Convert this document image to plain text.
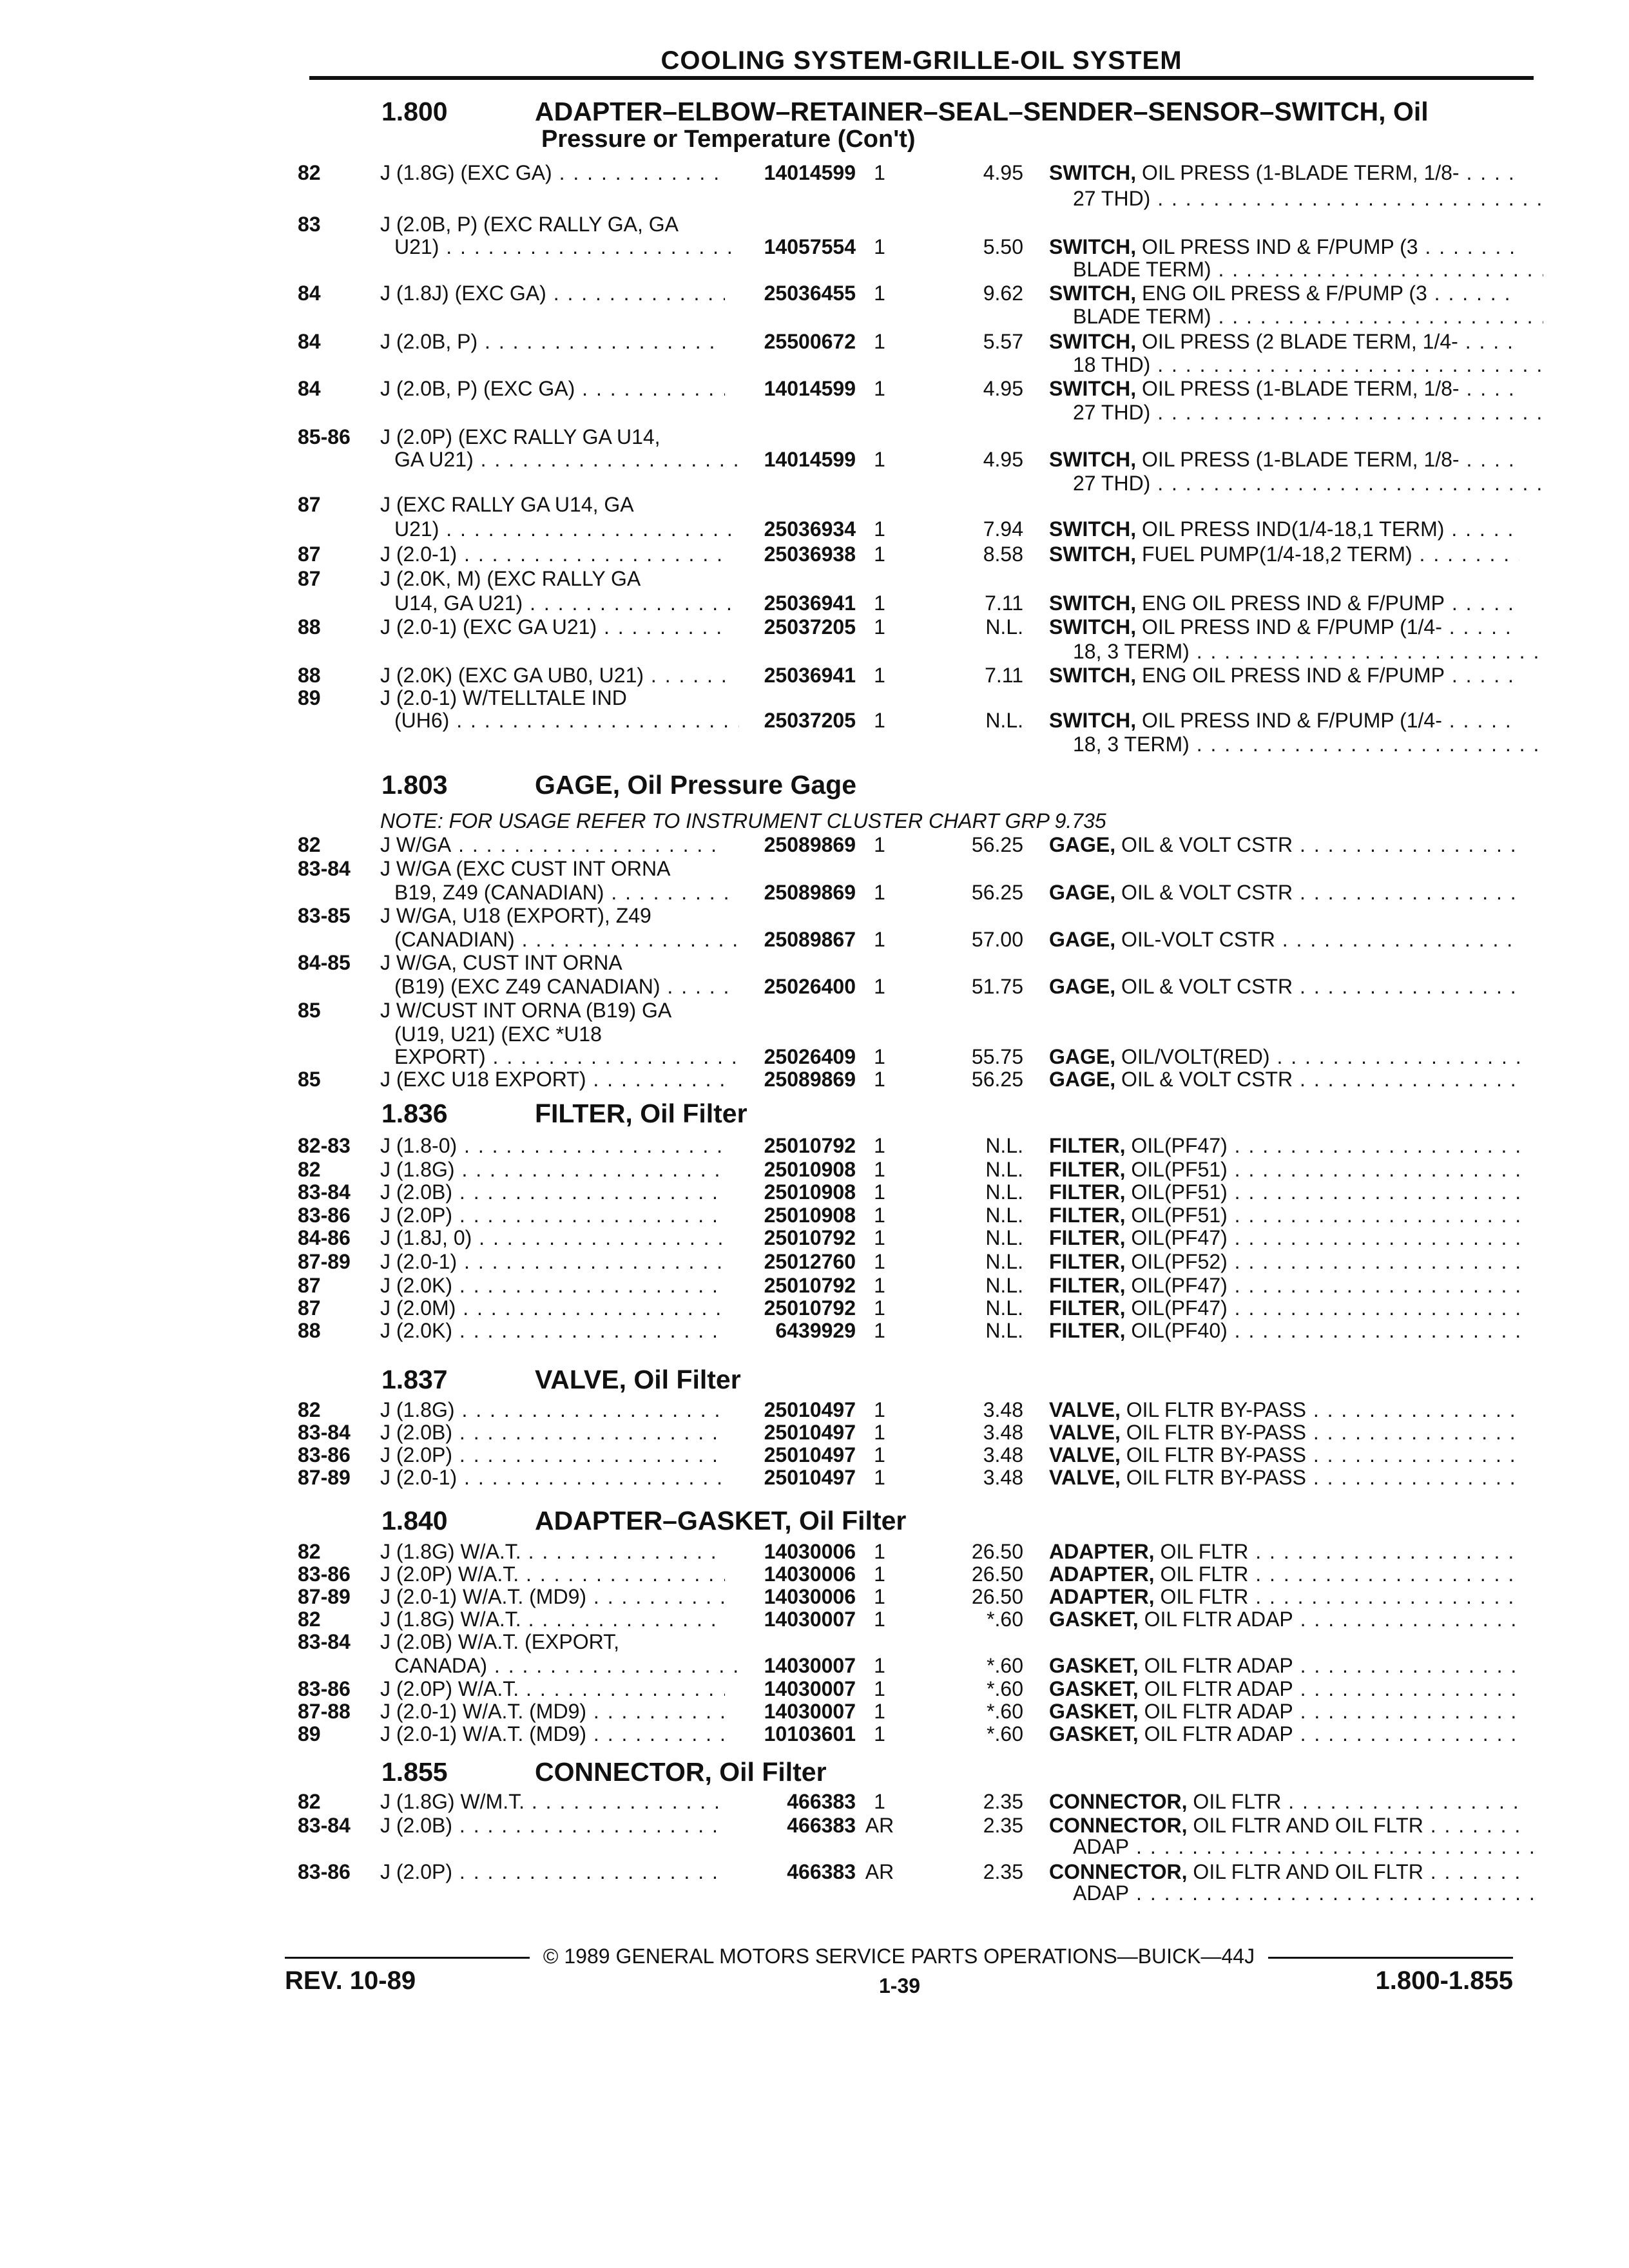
COOLING SYSTEM-GRILLE-OIL SYSTEM
1.800	ADAPTER–ELBOW–RETAINER–SEAL–SENDER–SENSOR–SWITCH, Oil
Pressure or Temperature (Con't)
1.803	GAGE, Oil Pressure Gage
NOTE: FOR USAGE REFER TO INSTRUMENT CLUSTER CHART GRP 9.735
1.836	FILTER, Oil Filter
1.837	VALVE, Oil Filter
1.840	ADAPTER–GASKET, Oil Filter
1.855	CONNECTOR, Oil Filter
82	J (1.8G) (EXC GA) . . .	14014599 1	4.95 SWITCH, OIL PRESS (1-BLADE TERM, 1/8- . . .
27 THD) . . .
83	J (2.0B, P) (EXC RALLY GA, GA
U21) . . .	14057554 1	5.50 SWITCH, OIL PRESS IND & F/PUMP (3 . . .
BLADE TERM) . . .
84	J (1.8J) (EXC GA) . . .	25036455 1	9.62 SWITCH, ENG OIL PRESS & F/PUMP (3 . . .
BLADE TERM) . . .
84	J (2.0B, P) . . .	25500672 1	5.57 SWITCH, OIL PRESS (2 BLADE TERM, 1/4- . . .
18 THD) . . .
84	J (2.0B, P) (EXC GA) . . .	14014599 1	4.95 SWITCH, OIL PRESS (1-BLADE TERM, 1/8- . . .
27 THD) . . .
85-86 J (2.0P) (EXC RALLY GA U14,
GA U21) . . .	14014599 1	4.95 SWITCH, OIL PRESS (1-BLADE TERM, 1/8- . . .
27 THD) . . .
87	J (EXC RALLY GA U14, GA
U21) . . .	25036934 1	7.94 SWITCH, OIL PRESS IND(1/4-18,1 TERM) . . .
87	J (2.0-1) . . .	25036938 1	8.58 SWITCH, FUEL PUMP(1/4-18,2 TERM) . . .
87	J (2.0K, M) (EXC RALLY GA
U14, GA U21) . . .	25036941 1	7.11 SWITCH, ENG OIL PRESS IND & F/PUMP . . .
88	J (2.0-1) (EXC GA U21) . . .	25037205 1	N.L. SWITCH, OIL PRESS IND & F/PUMP (1/4- . . .
18, 3 TERM) . . .
88	J (2.0K) (EXC GA UB0, U21) . . .	25036941 1	7.11 SWITCH, ENG OIL PRESS IND & F/PUMP . . .
89	J (2.0-1) W/TELLTALE IND
(UH6) . . .	25037205 1	N.L. SWITCH, OIL PRESS IND & F/PUMP (1/4- . . .
18, 3 TERM) . . .
82	J W/GA . . .	25089869 1	56.25 GAGE, OIL & VOLT CSTR . . .
83-84 J W/GA (EXC CUST INT ORNA
B19, Z49 (CANADIAN) . . .	25089869 1	56.25 GAGE, OIL & VOLT CSTR . . .
83-85 J W/GA, U18 (EXPORT), Z49
(CANADIAN) . . .	25089867 1	57.00 GAGE, OIL-VOLT CSTR . . .
84-85 J W/GA, CUST INT ORNA
(B19) (EXC Z49 CANADIAN) . . .	25026400 1	51.75 GAGE, OIL & VOLT CSTR . . .
85	J W/CUST INT ORNA (B19) GA
(U19, U21) (EXC *U18
EXPORT) . . .	25026409 1	55.75 GAGE, OIL/VOLT(RED) . . .
85	J (EXC U18 EXPORT) . . .	25089869 1	56.25 GAGE, OIL & VOLT CSTR . . .
82-83 J (1.8-0) . . .	25010792 1	N.L. FILTER, OIL(PF47) . . .
82	J (1.8G) . . .	25010908 1	N.L. FILTER, OIL(PF51) . . .
83-84 J (2.0B) . . .	25010908 1	N.L. FILTER, OIL(PF51) . . .
83-86 J (2.0P) . . .	25010908 1	N.L. FILTER, OIL(PF51) . . .
84-86 J (1.8J, 0) . . .	25010792 1	N.L. FILTER, OIL(PF47) . . .
87-89 J (2.0-1) . . .	25012760 1	N.L. FILTER, OIL(PF52) . . .
87	J (2.0K) . . .	25010792 1	N.L. FILTER, OIL(PF47) . . .
87	J (2.0M) . . .	25010792 1	N.L. FILTER, OIL(PF47) . . .
88	J (2.0K) . . .	6439929 1	N.L. FILTER, OIL(PF40) . . .
82	J (1.8G) . . .	25010497 1	3.48 VALVE, OIL FLTR BY-PASS . . .
83-84 J (2.0B) . . .	25010497 1	3.48 VALVE, OIL FLTR BY-PASS . . .
83-86 J (2.0P) . . .	25010497 1	3.48 VALVE, OIL FLTR BY-PASS . . .
87-89 J (2.0-1) . . .	25010497 1	3.48 VALVE, OIL FLTR BY-PASS . . .
82	J (1.8G) W/A.T. . . .	14030006 1	26.50 ADAPTER, OIL FLTR . . .
83-86 J (2.0P) W/A.T. . . .	14030006 1	26.50 ADAPTER, OIL FLTR . . .
87-89 J (2.0-1) W/A.T. (MD9) . . .	14030006 1	26.50 ADAPTER, OIL FLTR . . .
82	J (1.8G) W/A.T. . . .	14030007 1	*.60 GASKET, OIL FLTR ADAP . . .
83-84 J (2.0B) W/A.T. (EXPORT,
CANADA) . . .	14030007 1	*.60 GASKET, OIL FLTR ADAP . . .
83-86 J (2.0P) W/A.T. . . .	14030007 1	*.60 GASKET, OIL FLTR ADAP . . .
87-88 J (2.0-1) W/A.T. (MD9) . . .	14030007 1	*.60 GASKET, OIL FLTR ADAP . . .
89	J (2.0-1) W/A.T. (MD9) . . .	10103601 1	*.60 GASKET, OIL FLTR ADAP . . .
82	J (1.8G) W/M.T. . . .	466383 1	2.35 CONNECTOR, OIL FLTR . . .
83-84 J (2.0B) . . .	466383 AR	2.35 CONNECTOR, OIL FLTR AND OIL FLTR . . .
ADAP . . .
83-86 J (2.0P) . . .	466383 AR	2.35 CONNECTOR, OIL FLTR AND OIL FLTR . . .
ADAP . . .
© 1989 GENERAL MOTORS SERVICE PARTS OPERATIONS—BUICK—44J
REV. 10-89	1-39	1.800-1.855
